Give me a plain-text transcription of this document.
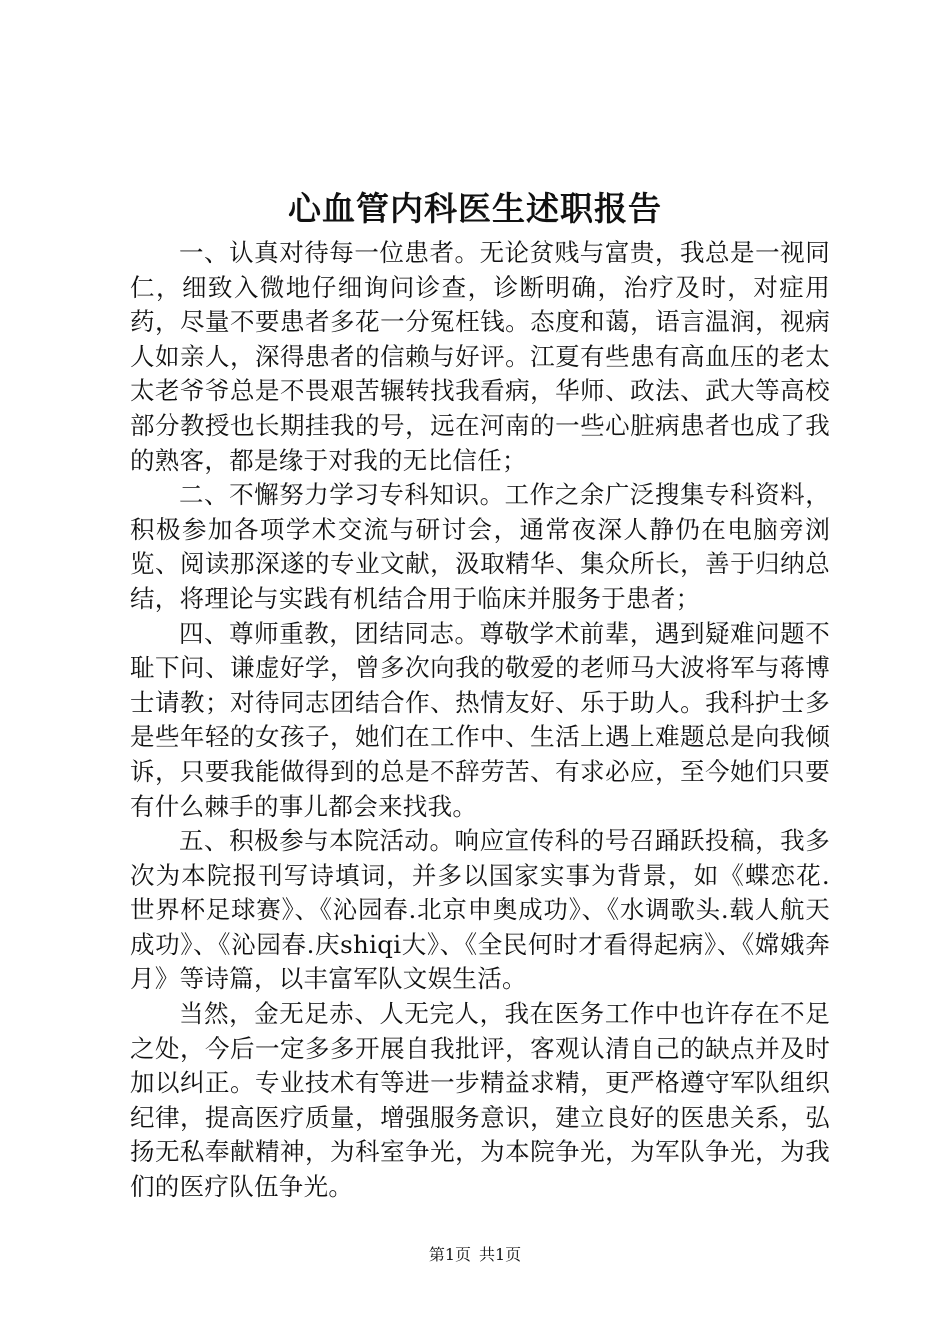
心血管内科医生述职报告

一、认真对待每一位患者。无论贫贱与富贵，我总是一视同仁，细致入微地仔细询问诊查，诊断明确，治疗及时，对症用药，尽量不要患者多花一分冤枉钱。态度和蔼，语言温润，视病人如亲人，深得患者的信赖与好评。江夏有些患有高血压的老太太老爷爷总是不畏艰苦辗转找我看病，华师、政法、武大等高校部分教授也长期挂我的号，远在河南的一些心脏病患者也成了我的熟客，都是缘于对我的无比信任；

二、不懈努力学习专科知识。工作之余广泛搜集专科资料，积极参加各项学术交流与研讨会，通常夜深人静仍在电脑旁浏览、阅读那深遂的专业文献，汲取精华、集众所长，善于归纳总结，将理论与实践有机结合用于临床并服务于患者；

四、尊师重教，团结同志。尊敬学术前辈，遇到疑难问题不耻下问、谦虚好学，曾多次向我的敬爱的老师马大波将军与蒋博士请教；对待同志团结合作、热情友好、乐于助人。我科护士多是些年轻的女孩子，她们在工作中、生活上遇上难题总是向我倾诉，只要我能做得到的总是不辞劳苦、有求必应，至今她们只要有什么棘手的事儿都会来找我。

五、积极参与本院活动。响应宣传科的号召踊跃投稿，我多次为本院报刊写诗填词，并多以国家实事为背景，如《蝶恋花.世界杯足球赛》、《沁园春.北京申奥成功》、《水调歌头.载人航天成功》、《沁园春.庆shiqi大》、《全民何时才看得起病》、《嫦娥奔月》等诗篇，以丰富军队文娱生活。

当然，金无足赤、人无完人，我在医务工作中也许存在不足之处，今后一定多多开展自我批评，客观认清自己的缺点并及时加以纠正。专业技术有等进一步精益求精，更严格遵守军队组织纪律，提高医疗质量，增强服务意识，建立良好的医患关系，弘扬无私奉献精神，为科室争光，为本院争光，为军队争光，为我们的医疗队伍争光。

第1页 共1页
